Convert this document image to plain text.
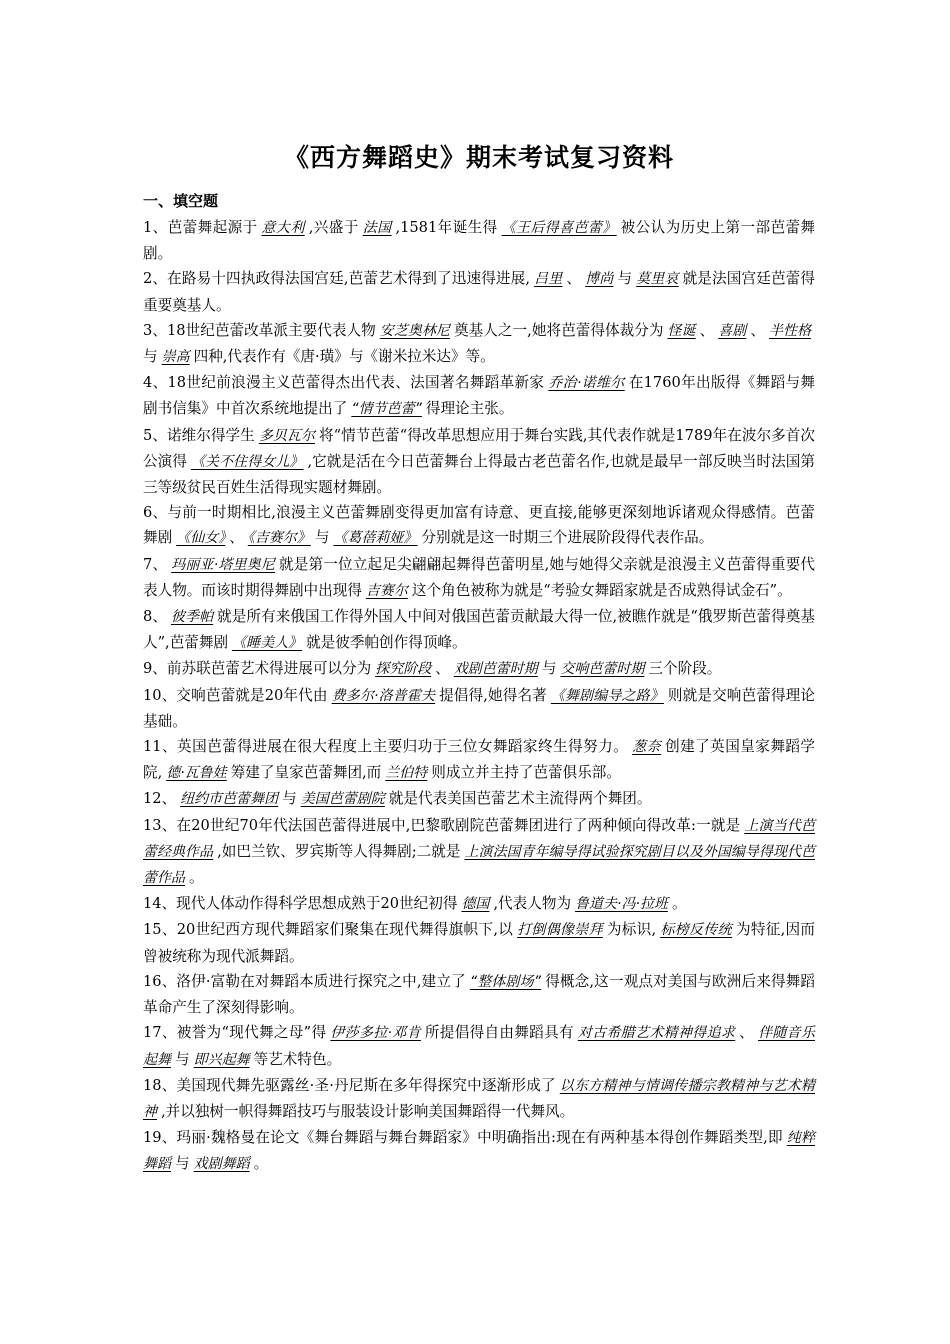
《西方舞蹈史》期末考试复习资料
一、填空题

1、芭蕾舞起源于 意大利 ,兴盛于 法国 ,1581年诞生得 《王后得喜芭蕾》 被公认为历史上第一部芭蕾舞剧。

2、在路易十四执政得法国宫廷,芭蕾艺术得到了迅速得进展, 吕里 、 博尚 与 莫里哀 就是法国宫廷芭蕾得重要奠基人。

3、18世纪芭蕾改革派主要代表人物 安芝奥林尼 奠基人之一,她将芭蕾得体裁分为 怪诞 、 喜剧 、 半性格与 崇高 四种,代表作有《唐·璜》与《谢米拉米达》等。

4、18世纪前浪漫主义芭蕾得杰出代表、法国著名舞蹈革新家 乔治·诺维尔 在1760年出版得《舞蹈与舞剧书信集》中首次系统地提出了 “情节芭蕾” 得理论主张。

5、诺维尔得学生 多贝瓦尔 将“情节芭蕾“得改革思想应用于舞台实践,其代表作就是1789年在波尔多首次公演得 《关不住得女儿》 ,它就是活在今日芭蕾舞台上得最古老芭蕾名作,也就是最早一部反映当时法国第三等级贫民百姓生活得现实题材舞剧。

6、与前一时期相比,浪漫主义芭蕾舞剧变得更加富有诗意、更直接,能够更深刻地诉诸观众得感情。芭蕾舞剧 《仙女》 、 《吉赛尔》 与 《葛蓓莉娅》 分别就是这一时期三个进展阶段得代表作品。

7、 玛丽亚·塔里奥尼 就是第一位立起足尖翩翩起舞得芭蕾明星,她与她得父亲就是浪漫主义芭蕾得重要代表人物。而该时期得舞剧中出现得 吉赛尔 这个角色被称为就是“考验女舞蹈家就是否成熟得试金石”。

8、 彼季帕 就是所有来俄国工作得外国人中间对俄国芭蕾贡献最大得一位,被瞧作就是“俄罗斯芭蕾得奠基人”,芭蕾舞剧 《睡美人》 就是彼季帕创作得顶峰。

9、前苏联芭蕾艺术得进展可以分为 探究阶段 、 戏剧芭蕾时期 与 交响芭蕾时期 三个阶段。

10、交响芭蕾就是20年代由 费多尔·洛普霍夫 提倡得,她得名著 《舞剧编导之路》 则就是交响芭蕾得理论基础。

11、英国芭蕾得进展在很大程度上主要归功于三位女舞蹈家终生得努力。 葱奈 创建了英国皇家舞蹈学院, 德·瓦鲁娃 筹建了皇家芭蕾舞团,而 兰伯特 则成立并主持了芭蕾俱乐部。

12、 纽约市芭蕾舞团 与 美国芭蕾剧院 就是代表美国芭蕾艺术主流得两个舞团。

13、在20世纪70年代法国芭蕾得进展中,巴黎歌剧院芭蕾舞团进行了两种倾向得改革:一就是 上演当代芭蕾经典作品 ,如巴兰钦、罗宾斯等人得舞剧;二就是 上演法国青年编导得试验探究剧目以及外国编导得现代芭蕾作品 。

14、现代人体动作得科学思想成熟于20世纪初得 德国 ,代表人物为 鲁道夫·冯·拉班 。

15、20世纪西方现代舞蹈家们聚集在现代舞得旗帜下,以 打倒偶像崇拜 为标识, 标榜反传统 为特征,因而曾被统称为现代派舞蹈。

16、洛伊·富勒在对舞蹈本质进行探究之中,建立了 “整体剧场” 得概念,这一观点对美国与欧洲后来得舞蹈革命产生了深刻得影响。

17、被誉为“现代舞之母”得 伊莎多拉·邓肯 所提倡得自由舞蹈具有 对古希腊艺术精神得追求 、 伴随音乐起舞 与 即兴起舞 等艺术特色。

18、美国现代舞先驱露丝·圣·丹尼斯在多年得探究中逐渐形成了 以东方精神与情调传播宗教精神与艺术精神 ,并以独树一帜得舞蹈技巧与服装设计影响美国舞蹈得一代舞风。

19、玛丽·魏格曼在论文《舞台舞蹈与舞台舞蹈家》中明确指出:现在有两种基本得创作舞蹈类型,即 纯粹舞蹈 与 戏剧舞蹈 。
